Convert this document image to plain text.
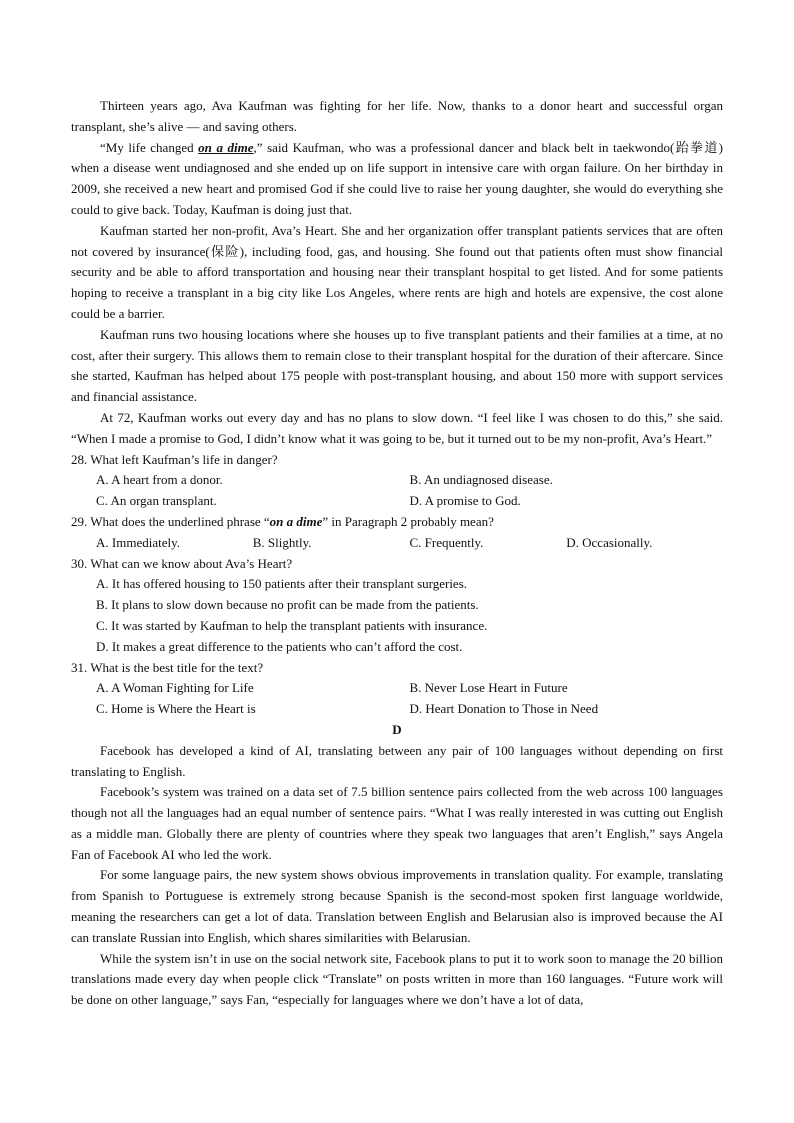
Thirteen years ago, Ava Kaufman was fighting for her life. Now, thanks to a donor heart and successful organ transplant, she’s alive — and saving others.

“My life changed on a dime,” said Kaufman, who was a professional dancer and black belt in taekwondo(跆拳道) when a disease went undiagnosed and she ended up on life support in intensive care with organ failure. On her birthday in 2009, she received a new heart and promised God if she could live to raise her young daughter, she would do everything she could to give back. Today, Kaufman is doing just that.

Kaufman started her non-profit, Ava’s Heart. She and her organization offer transplant patients services that are often not covered by insurance(保险), including food, gas, and housing. She found out that patients often must show financial security and be able to afford transportation and housing near their transplant hospital to get listed. And for some patients hoping to receive a transplant in a big city like Los Angeles, where rents are high and hotels are expensive, the cost alone could be a barrier.

Kaufman runs two housing locations where she houses up to five transplant patients and their families at a time, at no cost, after their surgery. This allows them to remain close to their transplant hospital for the duration of their aftercare. Since she started, Kaufman has helped about 175 people with post-transplant housing, and about 150 more with support services and financial assistance.

At 72, Kaufman works out every day and has no plans to slow down. “I feel like I was chosen to do this,” she said. “When I made a promise to God, I didn’t know what it was going to be, but it turned out to be my non-profit, Ava’s Heart.”

28. What left Kaufman’s life in danger?
A. A heart from a donor.	B. An undiagnosed disease.
C. An organ transplant.	D. A promise to God.
29. What does the underlined phrase “on a dime” in Paragraph 2 probably mean?
A. Immediately.	B. Slightly.	C. Frequently.	D. Occasionally.
30. What can we know about Ava’s Heart?
A. It has offered housing to 150 patients after their transplant surgeries.
B. It plans to slow down because no profit can be made from the patients.
C. It was started by Kaufman to help the transplant patients with insurance.
D. It makes a great difference to the patients who can’t afford the cost.
31. What is the best title for the text?
A. A Woman Fighting for Life	B. Never Lose Heart in Future
C. Home is Where the Heart is	D. Heart Donation to Those in Need
D

Facebook has developed a kind of AI, translating between any pair of 100 languages without depending on first translating to English.

Facebook’s system was trained on a data set of 7.5 billion sentence pairs collected from the web across 100 languages though not all the languages had an equal number of sentence pairs. “What I was really interested in was cutting out English as a middle man. Globally there are plenty of countries where they speak two languages that aren’t English,” says Angela Fan of Facebook AI who led the work.

For some language pairs, the new system shows obvious improvements in translation quality. For example, translating from Spanish to Portuguese is extremely strong because Spanish is the second-most spoken first language worldwide, meaning the researchers can get a lot of data. Translation between English and Belarusian also is improved because the AI can translate Russian into English, which shares similarities with Belarusian.

While the system isn’t in use on the social network site, Facebook plans to put it to work soon to manage the 20 billion translations made every day when people click “Translate” on posts written in more than 160 languages. “Future work will be done on other language,” says Fan, “especially for languages where we don’t have a lot of data,
